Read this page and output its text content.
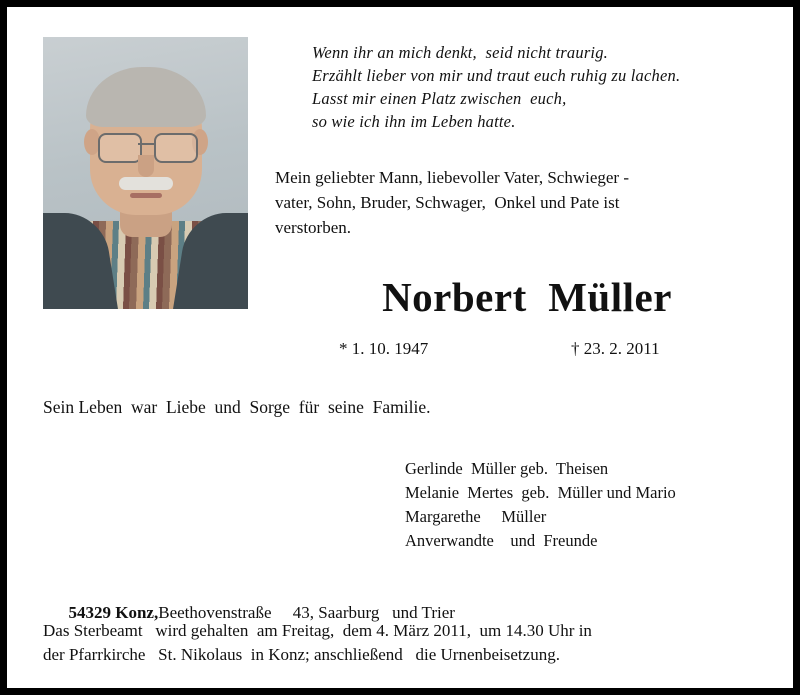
Wenn ihr an mich denkt,  seid nicht traurig.
Erzählt lieber von mir und traut euch ruhig zu lachen.
Lasst mir einen Platz zwischen  euch,
so wie ich ihn im Leben hatte.
Mein geliebter Mann, liebevoller Vater, Schwieger -
vater, Sohn, Bruder, Schwager,  Onkel und Pate ist
verstorben.
Norbert  Müller
* 1. 10. 1947	† 23. 2. 2011
Sein Leben  war  Liebe  und  Sorge  für  seine  Familie.
Gerlinde  Müller geb.  Theisen
Melanie  Mertes  geb.  Müller und Mario
Margarethe     Müller
Anverwandte    und  Freunde

54329 Konz,Beethovenstraße     43, Saarburg   und Trier

Das Sterbeamt   wird gehalten  am Freitag,  dem 4. März 2011,  um 14.30 Uhr in
der Pfarrkirche   St. Nikolaus  in Konz; anschließend   die Urnenbeisetzung.
